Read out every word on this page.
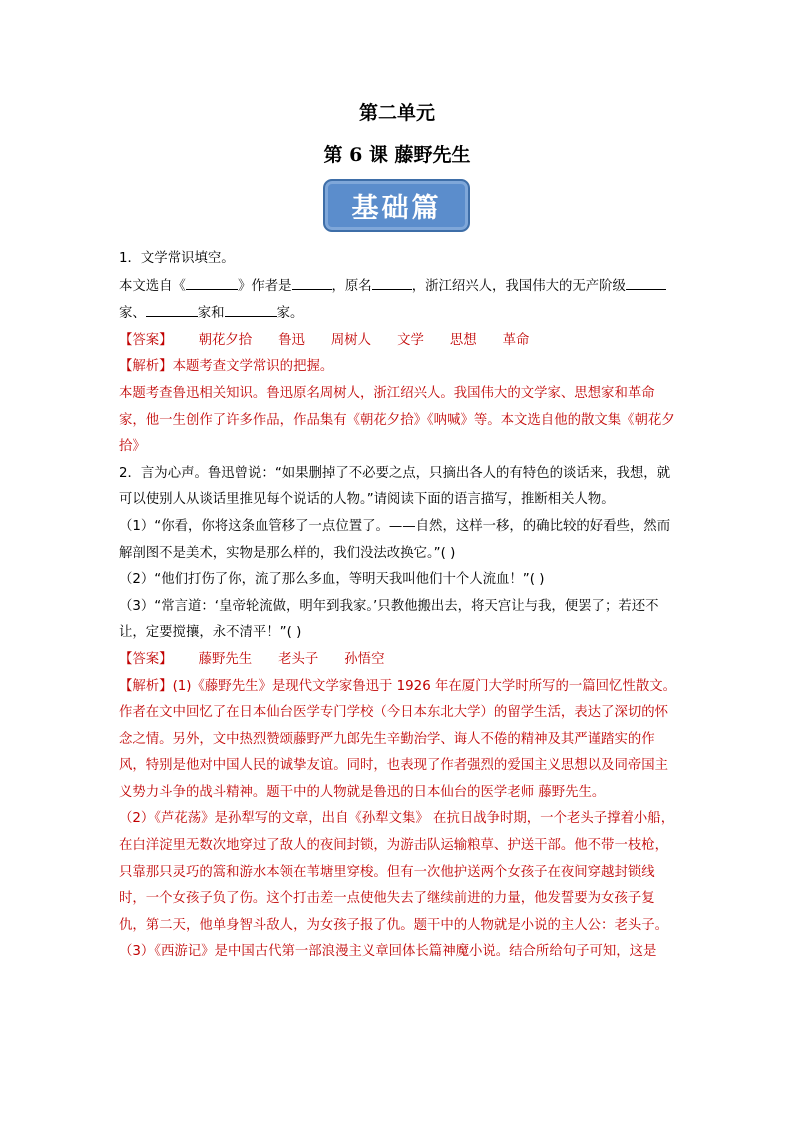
第二单元
第 6 课 藤野先生
基础篇

1．文学常识填空。

本文选自《	》作者是	，原名	，浙江绍兴人，我国伟大的无产阶级
家、	家和	家。

【答案】 朝花夕拾 鲁迅 周树人 文学 思想 革命

【解析】本题考查文学常识的把握。

本题考查鲁迅相关知识。鲁迅原名周树人，浙江绍兴人。我国伟大的文学家、思想家和革命家，他一生创作了许多作品，作品集有《朝花夕拾》《呐喊》等。本文选自他的散文集《朝花夕拾》

2．言为心声。鲁迅曾说：“如果删掉了不必要之点，只摘出各人的有特色的谈话来，我想，就可以使别人从谈话里推见每个说话的人物。”请阅读下面的语言描写，推断相关人物。

（1）“你看，你将这条血管移了一点位置了。——自然，这样一移，的确比较的好看些，然而解剖图不是美术，实物是那么样的，我们没法改换它。”( )

（2）“他们打伤了你，流了那么多血，等明天我叫他们十个人流血！”( )

（3）“常言道：‘皇帝轮流做，明年到我家。’只教他搬出去，将天宫让与我，便罢了；若还不让，定要搅攘，永不清平！”( )

【答案】 藤野先生 老头子 孙悟空

【解析】(1)《藤野先生》是现代文学家鲁迅于 1926 年在厦门大学时所写的一篇回忆性散文。作者在文中回忆了在日本仙台医学专门学校（今日本东北大学）的留学生活，表达了深切的怀念之情。另外，文中热烈赞颂藤野严九郎先生辛勤治学、诲人不倦的精神及其严谨踏实的作风，特别是他对中国人民的诚挚友谊。同时，也表现了作者强烈的爱国主义思想以及同帝国主义势力斗争的战斗精神。题干中的人物就是鲁迅的日本仙台的医学老师 藤野先生。

（2）《芦花荡》是孙犁写的文章，出自《孙犁文集》 在抗日战争时期，一个老头子撑着小船，在白洋淀里无数次地穿过了敌人的夜间封锁，为游击队运输粮草、护送干部。他不带一枝枪，只靠那只灵巧的篙和游水本领在苇塘里穿梭。但有一次他护送两个女孩子在夜间穿越封锁线时，一个女孩子负了伤。这个打击差一点使他失去了继续前进的力量，他发誓要为女孩子复仇，第二天，他单身智斗敌人，为女孩子报了仇。题干中的人物就是小说的主人公：老头子。

（3）《西游记》是中国古代第一部浪漫主义章回体长篇神魔小说。结合所给句子可知，这是
